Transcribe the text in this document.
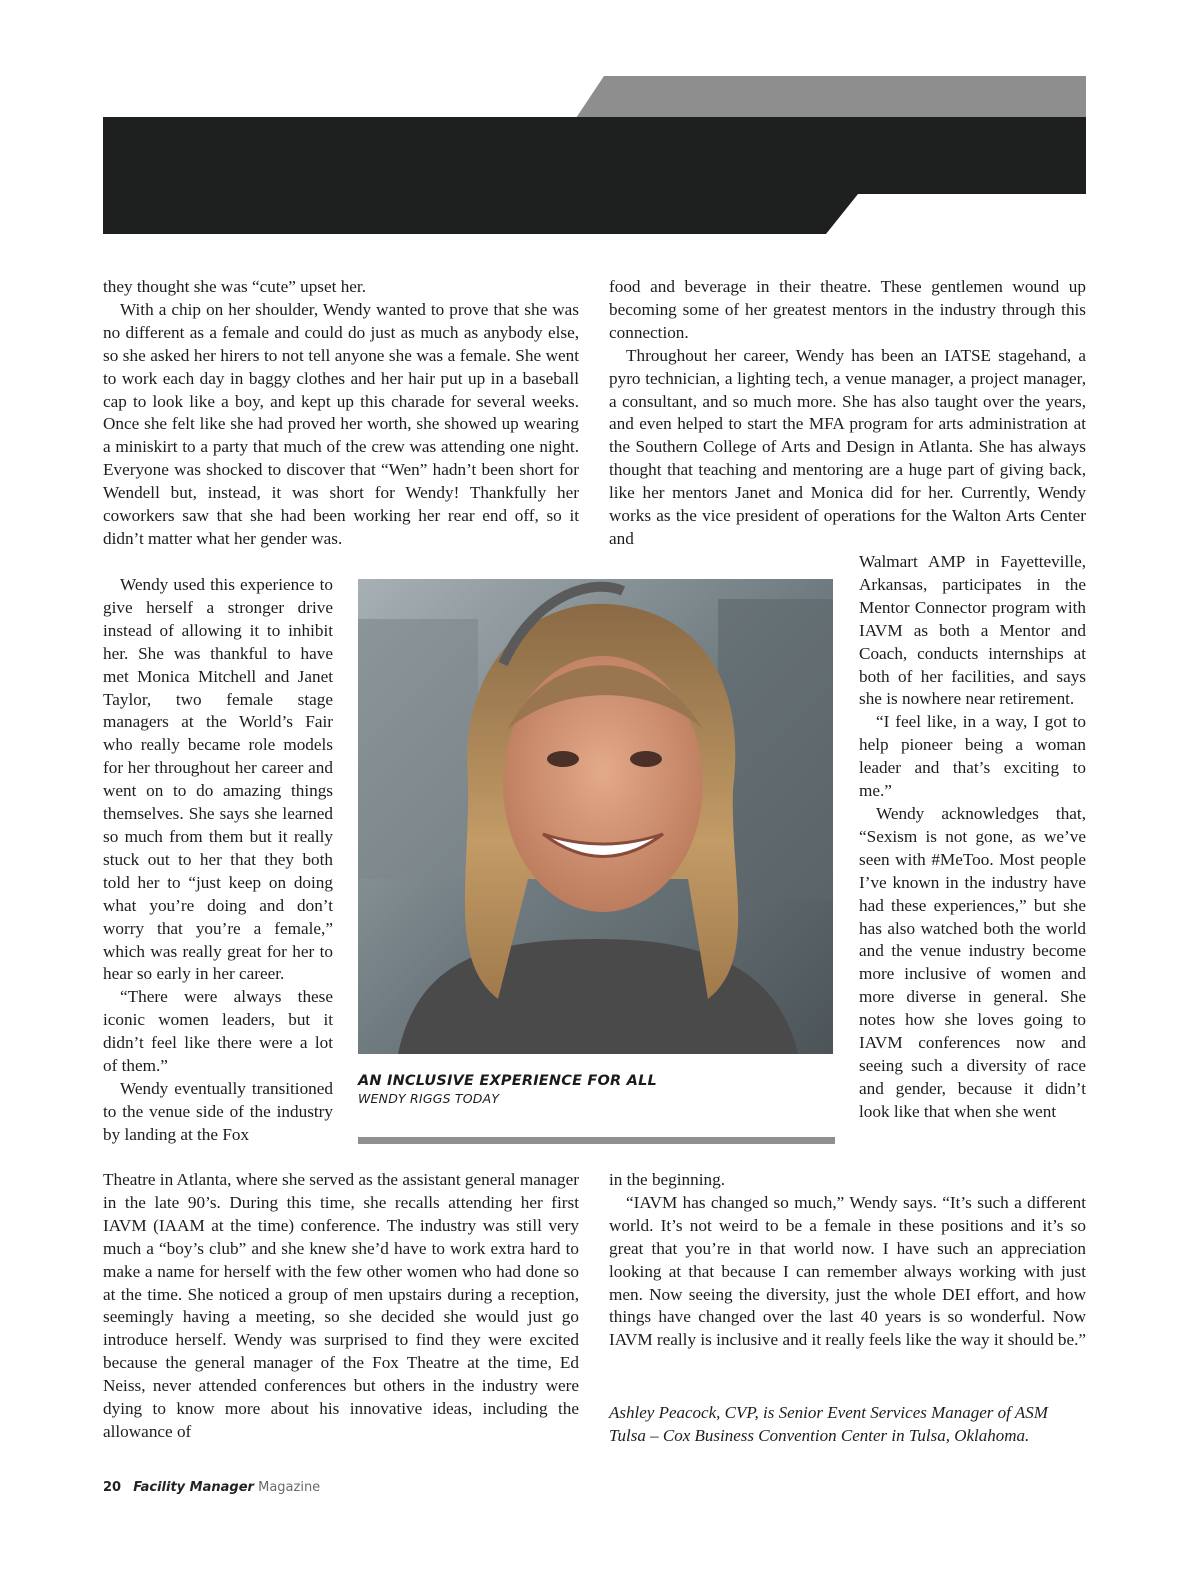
they thought she was “cute” upset her.

With a chip on her shoulder, Wendy wanted to prove that she was no different as a female and could do just as much as anybody else, so she asked her hirers to not tell anyone she was a female. She went to work each day in baggy clothes and her hair put up in a baseball cap to look like a boy, and kept up this charade for several weeks. Once she felt like she had proved her worth, she showed up wearing a miniskirt to a party that much of the crew was attending one night. Everyone was shocked to discover that “Wen” hadn’t been short for Wendell but, instead, it was short for Wendy! Thankfully her coworkers saw that she had been working her rear end off, so it didn’t matter what her gender was.

Wendy used this experience to give herself a stronger drive instead of allowing it to inhibit her. She was thankful to have met Monica Mitchell and Janet Taylor, two female stage managers at the World’s Fair who really became role models for her throughout her career and went on to do amazing things themselves. She says she learned so much from them but it really stuck out to her that they both told her to “just keep on doing what you’re doing and don’t worry that you’re a female,” which was really great for her to hear so early in her career.

“There were always these iconic women leaders, but it didn’t feel like there were a lot of them.”

Wendy eventually transitioned to the venue side of the industry by landing at the Fox

Theatre in Atlanta, where she served as the assistant general manager in the late 90’s. During this time, she recalls attending her first IAVM (IAAM at the time) conference. The industry was still very much a “boy’s club” and she knew she’d have to work extra hard to make a name for herself with the few other women who had done so at the time. She noticed a group of men upstairs during a reception, seemingly having a meeting, so she decided she would just go introduce herself. Wendy was surprised to find they were excited because the general manager of the Fox Theatre at the time, Ed Neiss, never attended conferences but others in the industry were dying to know more about his innovative ideas, including the allowance of

food and beverage in their theatre. These gentlemen wound up becoming some of her greatest mentors in the industry through this connection.

Throughout her career, Wendy has been an IATSE stagehand, a pyro technician, a lighting tech, a venue manager, a project manager, a consultant, and so much more. She has also taught over the years, and even helped to start the MFA program for arts administration at the Southern College of Arts and Design in Atlanta. She has always thought that teaching and mentoring are a huge part of giving back, like her mentors Janet and Monica did for her. Currently, Wendy works as the vice president of operations for the Walton Arts Center and

Walmart AMP in Fayetteville, Arkansas, participates in the Mentor Connector program with IAVM as both a Mentor and Coach, conducts internships at both of her facilities, and says she is nowhere near retirement.

“I feel like, in a way, I got to help pioneer being a woman leader and that’s exciting to me.”

Wendy acknowledges that, “Sexism is not gone, as we’ve seen with #MeToo. Most people I’ve known in the industry have had these experiences,” but she has also watched both the world and the venue industry become more inclusive of women and more diverse in general. She notes how she loves going to IAVM conferences now and seeing such a diversity of race and gender, because it didn’t look like that when she went

in the beginning.

“IAVM has changed so much,” Wendy says. “It’s such a different world. It’s not weird to be a female in these positions and it’s so great that you’re in that world now. I have such an appreciation looking at that because I can remember always working with just men. Now seeing the diversity, just the whole DEI effort, and how things have changed over the last 40 years is so wonderful. Now IAVM really is inclusive and it really feels like the way it should be.”

AN INCLUSIVE EXPERIENCE FOR ALL
WENDY RIGGS TODAY
Ashley Peacock, CVP, is Senior Event Services Manager of ASM Tulsa – Cox Business Convention Center in Tulsa, Oklahoma.
20 Facility Manager Magazine
